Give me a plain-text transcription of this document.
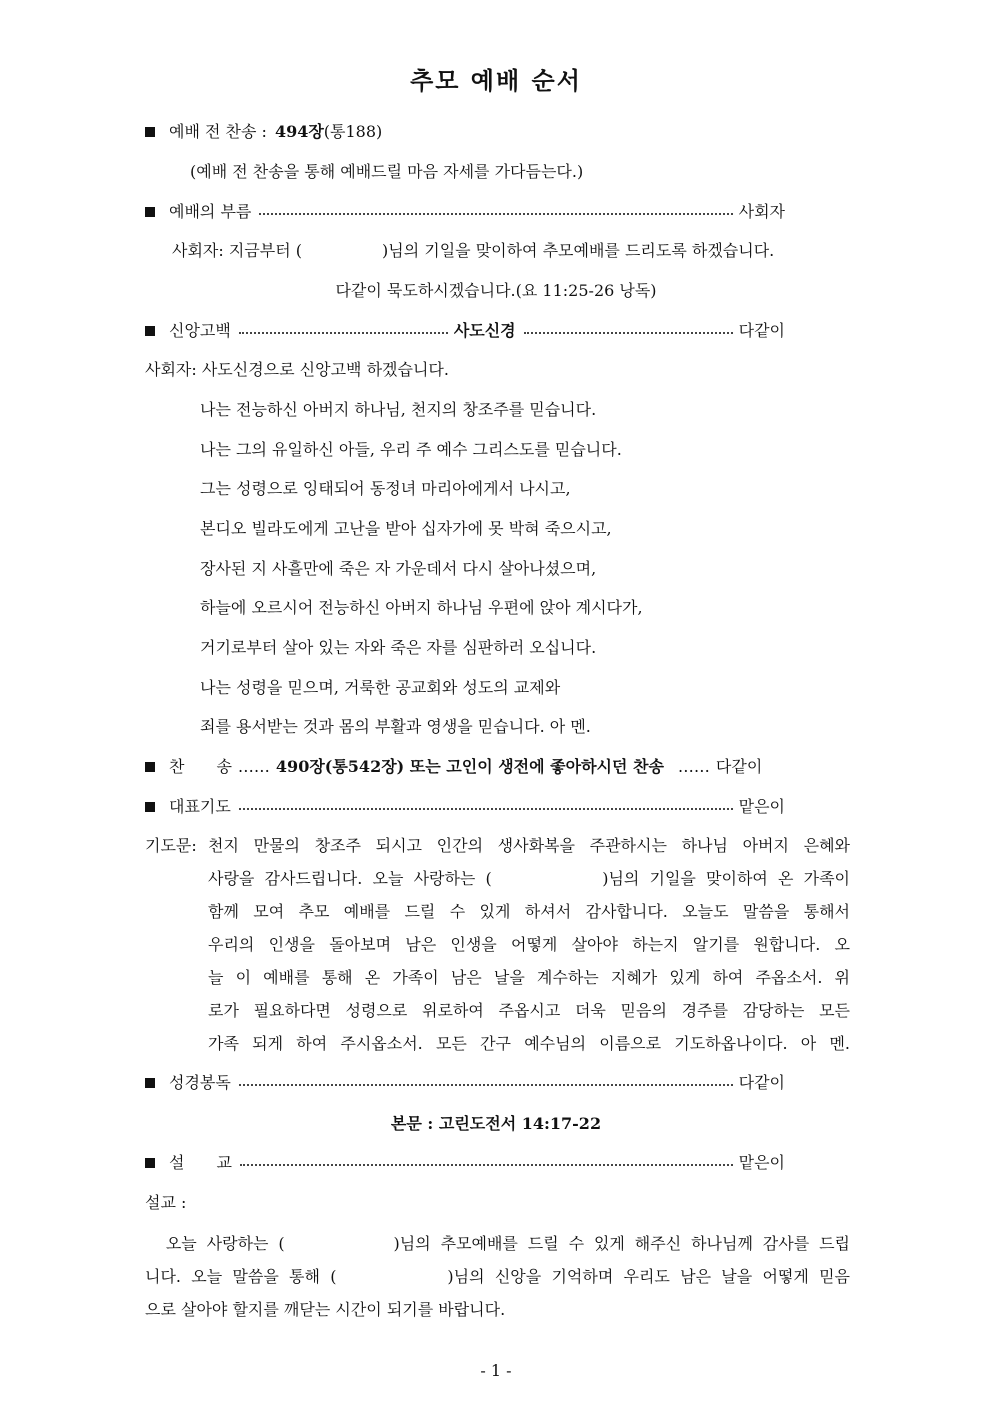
추모 예배 순서
예배 전 찬송 : 494장 (통188)
(예배 전 찬송을 통해 예배드릴 마음 자세를 가다듬는다.)
예배의 부름	사회자
사회자: 지금부터 (　　　　　)님의 기일을 맞이하여 추모예배를 드리도록 하겠습니다.
다같이 묵도하시겠습니다.(요 11:25-26 낭독)
신앙고백	사도신경	다같이
사회자: 사도신경으로 신앙고백 하겠습니다.
나는 전능하신 아버지 하나님, 천지의 창조주를 믿습니다.
나는 그의 유일하신 아들, 우리 주 예수 그리스도를 믿습니다.
그는 성령으로 잉태되어 동정녀 마리아에게서 나시고,
본디오 빌라도에게 고난을 받아 십자가에 못 박혀 죽으시고,
장사된 지 사흘만에 죽은 자 가운데서 다시 살아나셨으며,
하늘에 오르시어 전능하신 아버지 하나님 우편에 앉아 계시다가,
거기로부터 살아 있는 자와 죽은 자를 심판하러 오십니다.
나는 성령을 믿으며, 거룩한 공교회와 성도의 교제와
죄를 용서받는 것과 몸의 부활과 영생을 믿습니다. 아 멘.
찬　　송 …… 490장(통542장) 또는 고인이 생전에 좋아하시던 찬송 …… 다같이
대표기도	맡은이
기도문: 천지 만물의 창조주 되시고 인간의 생사화복을 주관하시는 하나님 아버지 은혜와

사랑을 감사드립니다. 오늘 사랑하는 (　　　　　)님의 기일을 맞이하여 온 가족이

함께 모여 추모 예배를 드릴 수 있게 하셔서 감사합니다. 오늘도 말씀을 통해서

우리의 인생을 돌아보며 남은 인생을 어떻게 살아야 하는지 알기를 원합니다. 오

늘 이 예배를 통해 온 가족이 남은 날을 계수하는 지혜가 있게 하여 주옵소서. 위

로가 필요하다면 성령으로 위로하여 주옵시고 더욱 믿음의 경주를 감당하는 모든

가족 되게 하여 주시옵소서. 모든 간구 예수님의 이름으로 기도하옵나이다. 아 멘.

성경봉독	다같이
본문 : 고린도전서 14:17-22
설　　교	맡은이
설교 :

　오늘 사랑하는 (　　　　　)님의 추모예배를 드릴 수 있게 해주신 하나님께 감사를 드립

니다. 오늘 말씀을 통해 (　　　　　)님의 신앙을 기억하며 우리도 남은 날을 어떻게 믿음

으로 살아야 할지를 깨닫는 시간이 되기를 바랍니다.

- 1 -
